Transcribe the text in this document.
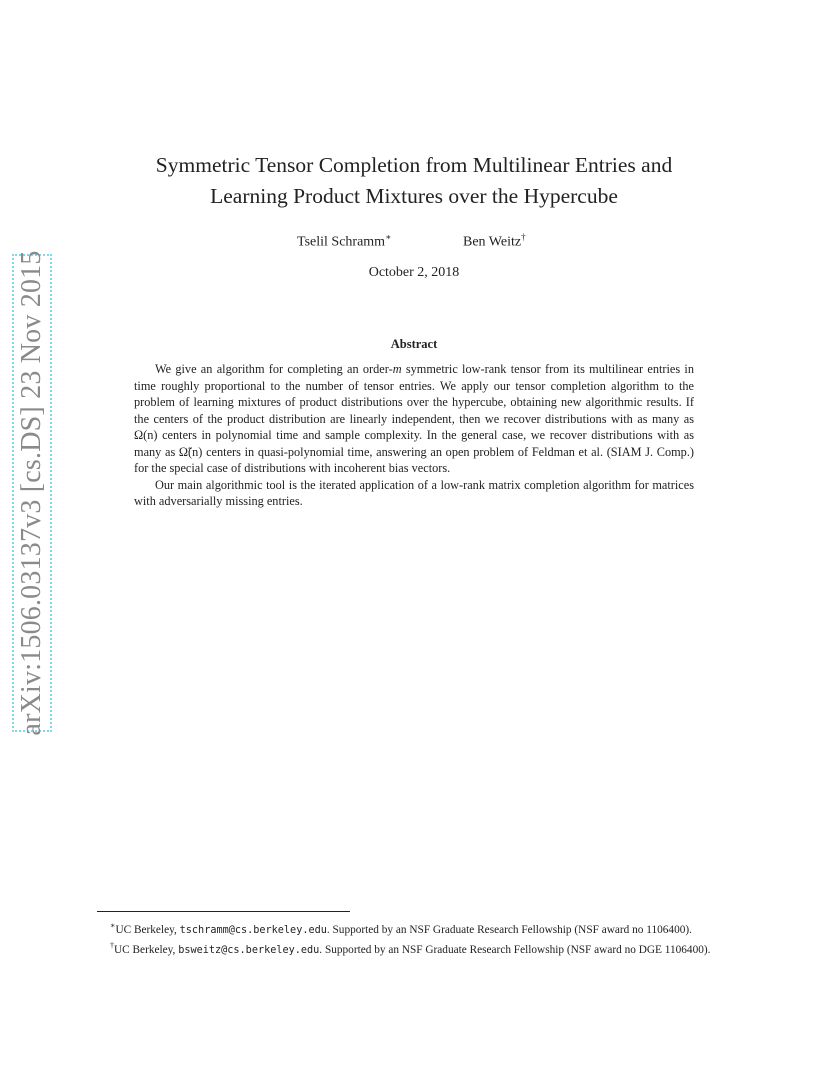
arXiv:1506.03137v3 [cs.DS] 23 Nov 2015
Symmetric Tensor Completion from Multilinear Entries and
Learning Product Mixtures over the Hypercube
Tselil Schramm∗	Ben Weitz†
October 2, 2018
Abstract

We give an algorithm for completing an order-m symmetric low-rank tensor from its multilinear entries in time roughly proportional to the number of tensor entries. We apply our tensor completion algorithm to the problem of learning mixtures of product distributions over the hypercube, obtaining new algorithmic results. If the centers of the product distribution are linearly independent, then we recover distributions with as many as Ω(n) centers in polynomial time and sample complexity. In the general case, we recover distributions with as many as Ω̃(n) centers in quasi-polynomial time, answering an open problem of Feldman et al. (SIAM J. Comp.) for the special case of distributions with incoherent bias vectors.

Our main algorithmic tool is the iterated application of a low-rank matrix completion algorithm for matrices with adversarially missing entries.

∗UC Berkeley, tschramm@cs.berkeley.edu. Supported by an NSF Graduate Research Fellowship (NSF award no 1106400).

†UC Berkeley, bsweitz@cs.berkeley.edu. Supported by an NSF Graduate Research Fellowship (NSF award no DGE 1106400).
